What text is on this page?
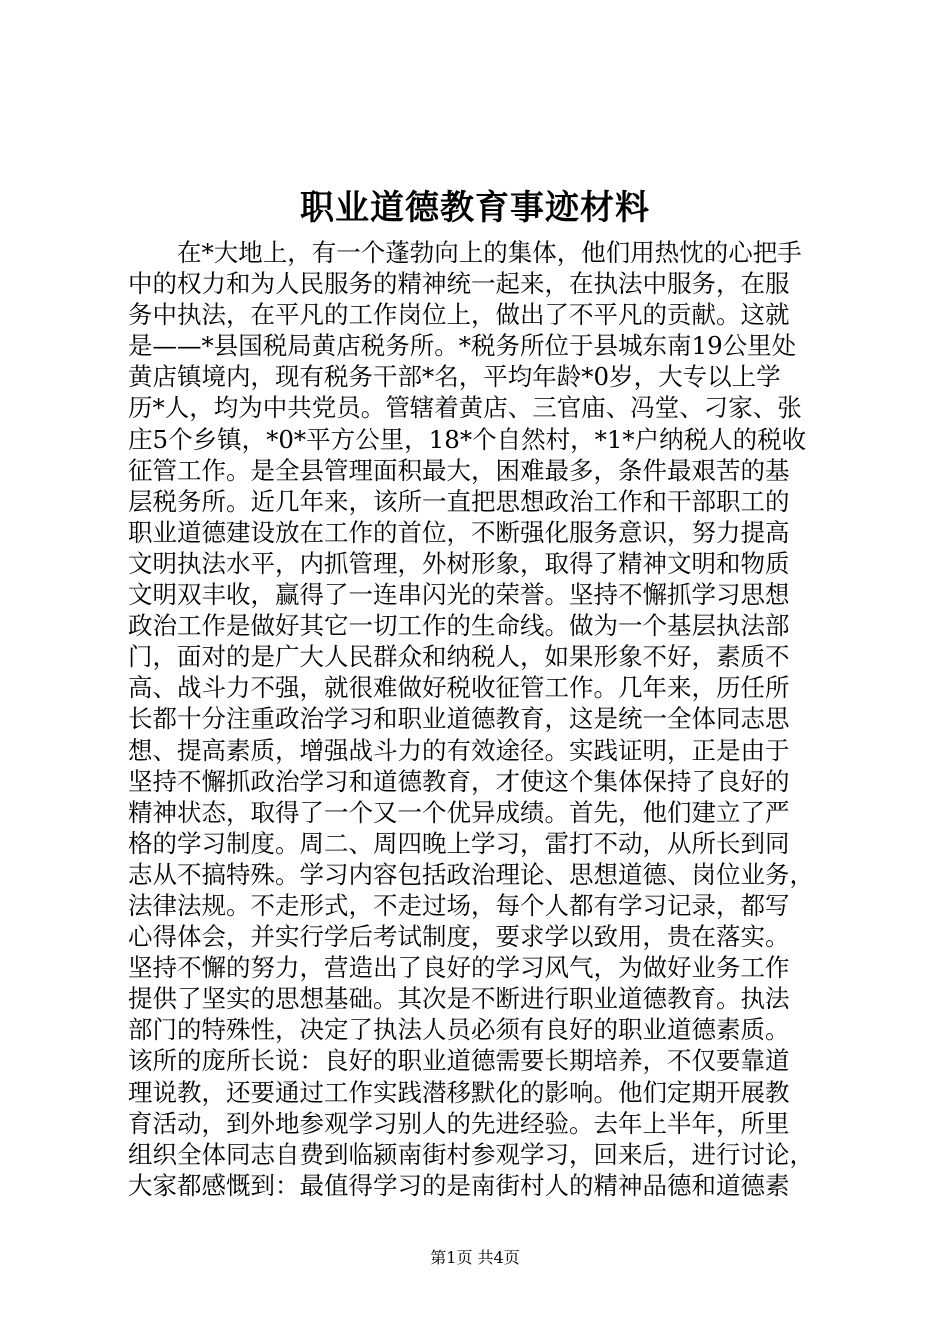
职业道德教育事迹材料
　　在*大地上，有一个蓬勃向上的集体，他们用热忱的心把手
中的权力和为人民服务的精神统一起来，在执法中服务，在服
务中执法，在平凡的工作岗位上，做出了不平凡的贡献。这就
是——*县国税局黄店税务所。*税务所位于县城东南19公里处
黄店镇境内，现有税务干部*名，平均年龄*0岁，大专以上学
历*人，均为中共党员。管辖着黄店、三官庙、冯堂、刁家、张
庄5个乡镇，*0*平方公里，18*个自然村，*1*户纳税人的税收
征管工作。是全县管理面积最大，困难最多，条件最艰苦的基
层税务所。近几年来，该所一直把思想政治工作和干部职工的
职业道德建设放在工作的首位，不断强化服务意识，努力提高
文明执法水平，内抓管理，外树形象，取得了精神文明和物质
文明双丰收，赢得了一连串闪光的荣誉。坚持不懈抓学习思想
政治工作是做好其它一切工作的生命线。做为一个基层执法部
门，面对的是广大人民群众和纳税人，如果形象不好，素质不
高、战斗力不强，就很难做好税收征管工作。几年来，历任所
长都十分注重政治学习和职业道德教育，这是统一全体同志思
想、提高素质，增强战斗力的有效途径。实践证明，正是由于
坚持不懈抓政治学习和道德教育，才使这个集体保持了良好的
精神状态，取得了一个又一个优异成绩。首先，他们建立了严
格的学习制度。周二、周四晚上学习，雷打不动，从所长到同
志从不搞特殊。学习内容包括政治理论、思想道德、岗位业务，
法律法规。不走形式，不走过场，每个人都有学习记录，都写
心得体会，并实行学后考试制度，要求学以致用，贵在落实。
坚持不懈的努力，营造出了良好的学习风气，为做好业务工作
提供了坚实的思想基础。其次是不断进行职业道德教育。执法
部门的特殊性，决定了执法人员必须有良好的职业道德素质。
该所的庞所长说：良好的职业道德需要长期培养，不仅要靠道
理说教，还要通过工作实践潜移默化的影响。他们定期开展教
育活动，到外地参观学习别人的先进经验。去年上半年，所里
组织全体同志自费到临颍南街村参观学习，回来后，进行讨论，
大家都感慨到：最值得学习的是南街村人的精神品德和道德素
第1页 共4页
